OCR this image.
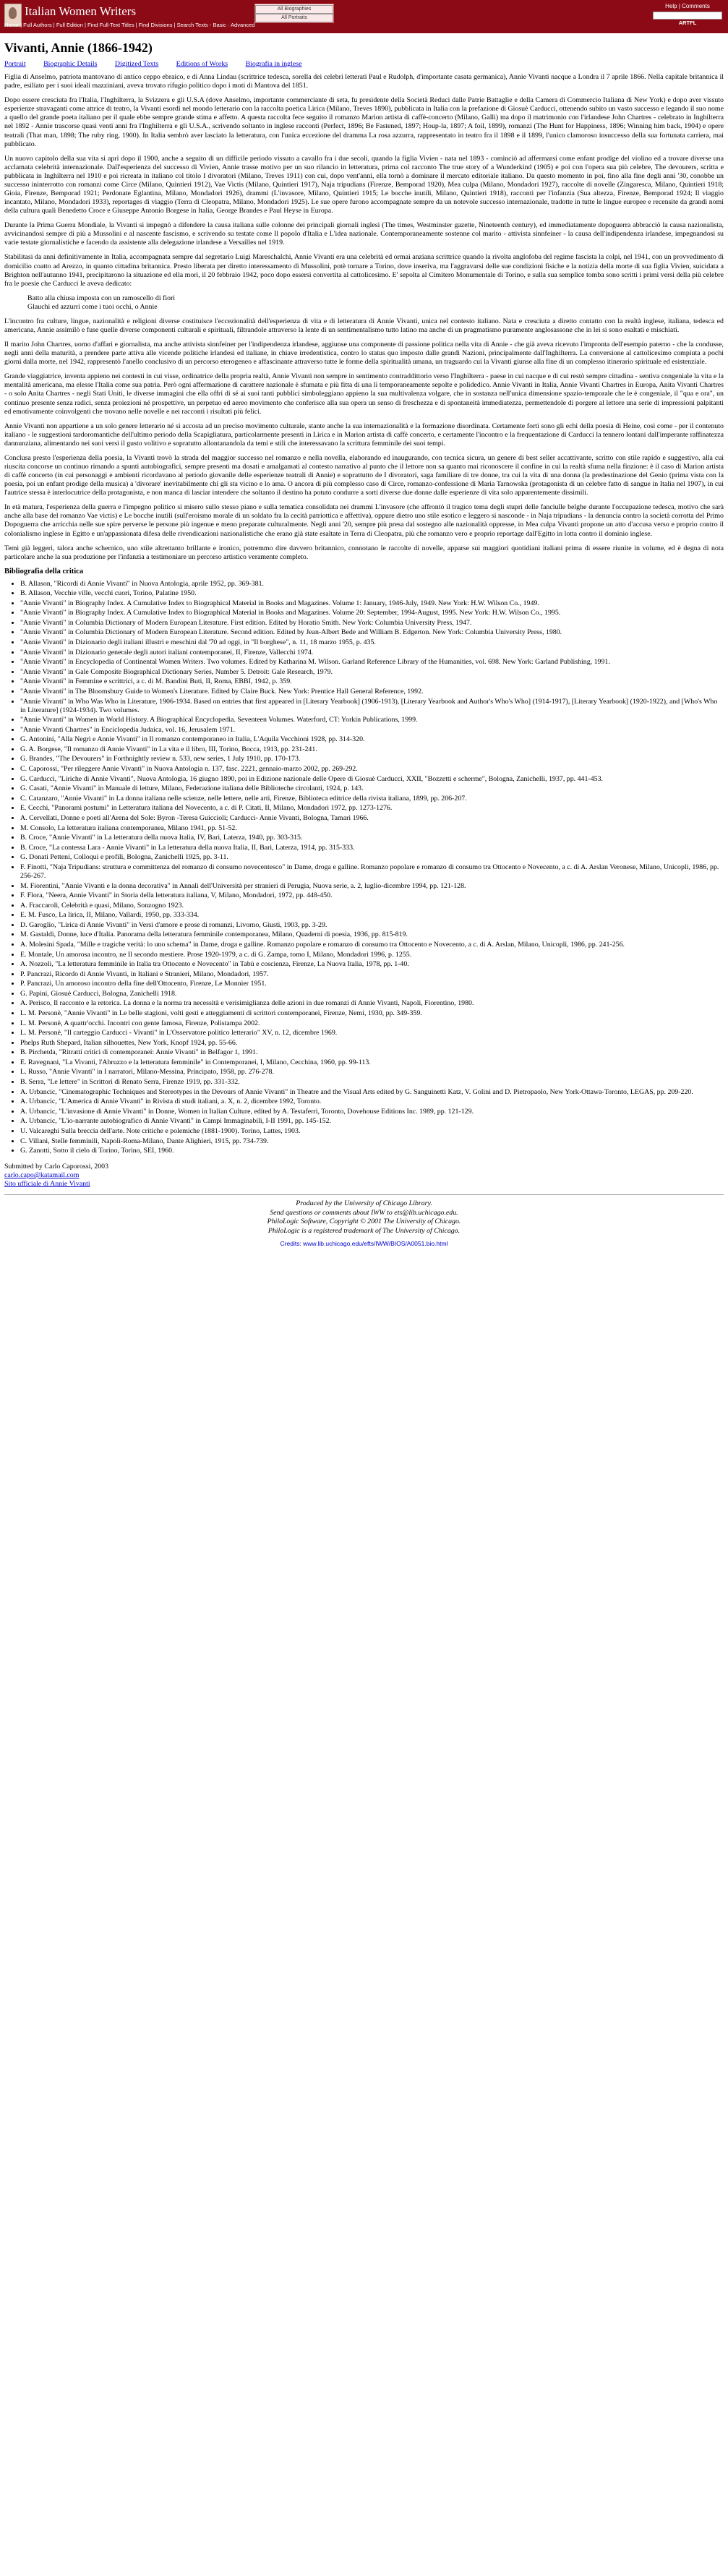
Italian Women Writers
Home | Full Authors | Full Edition | Find Full-Text Titles | Find Divisions | Search Texts - Basic · Advanced
All Biographies
All Portraits
Help | Comments
ARTFL
Vivanti, Annie (1866-1942)
Portrait Biographic Details Digitized Texts Editions of Works Biografia in inglese

Figlia di Anselmo, patriota mantovano di antico ceppo ebraico, e di Anna Lindau (scrittrice tedesca, sorella dei celebri letterati Paul e Rudolph, d'importante casata germanica), Annie Vivanti nacque a Londra il 7 aprile 1866. Nella capitale britannica il padre, esiliato per i suoi ideali mazziniani, aveva trovato rifugio politico dopo i moti di Mantova del 1851.

Dopo essere cresciuta fra l'Italia, l'Inghilterra, la Svizzera e gli U.S.A (dove Anselmo, importante commerciante di seta, fu presidente della Società Reduci dalle Patrie Battaglie e della Camera di Commercio Italiana di New York) e dopo aver vissuto esperienze stravaganti come attrice di teatro, la Vivanti esordì nel mondo letterario con la raccolta poetica Lirica (Milano, Treves 1890), pubblicata in Italia con la prefazione di Giosuè Carducci, ottenendo subito un vasto successo e legando il suo nome a quello del grande poeta italiano per il quale ebbe sempre grande stima e affetto. A questa raccolta fece seguito il romanzo Marion artista di caffè-concerto (Milano, Galli) ma dopo il matrimonio con l'irlandese John Chartres - celebrato in Inghilterra nel 1892 - Annie trascorse quasi venti anni fra l'Inghilterra e gli U.S.A., scrivendo soltanto in inglese racconti (Perfect, 1896; Be Fastened, 1897; Houp-la, 1897; A foil, 1899), romanzi (The Hunt for Happiness, 1896; Winning him back, 1904) e opere teatrali (That man, 1898; The ruby ring, 1900). In Italia sembrò aver lasciato la letteratura, con l'unica eccezione del dramma La rosa azzurra, rappresentato in teatro fra il 1898 e il 1899, l'unico clamoroso insuccesso della sua fortunata carriera, mai pubblicato.

Un nuovo capitolo della sua vita si aprì dopo il 1900, anche a seguito di un difficile periodo vissuto a cavallo fra i due secoli, quando la figlia Vivien - nata nel 1893 - cominciò ad affermarsi come enfant prodige del violino ed a trovare diverse una acclamata celebrità internazionale. Dall'esperienza del successo di Vivien, Annie trasse motivo per un suo rilancio in letteratura, prima col racconto The true story of a Wunderkind (1905) e poi con l'opera sua più celebre, The devourers, scritta e pubblicata in Inghilterra nel 1910 e poi ricreata in italiano col titolo I divoratori (Milano, Treves 1911) con cui, dopo vent'anni, ella tornò a dominare il mercato editoriale italiano. Da questo momento in poi, fino alla fine degli anni '30, conobbe un successo ininterrotto con romanzi come Circe (Milano, Quintieri 1912), Vae Victis (Milano, Quintieri 1917), Naja tripudians (Firenze, Bemporad 1920), Mea culpa (Milano, Mondadori 1927), raccolte di novelle (Zingaresca, Milano, Quintieri 1918; Gioia, Firenze, Bemporad 1921; Perdonate Eglantina, Milano, Mondadori 1926), drammi (L'invasore, Milano, Quintieri 1915; Le bocche inutili, Milano, Quintieri 1918), racconti per l'infanzia (Sua altezza, Firenze, Bemporad 1924; Il viaggio incantato, Milano, Mondadori 1933), reportages di viaggio (Terra di Cleopatra, Milano, Mondadori 1925). Le sue opere furono accompagnate sempre da un notevole successo internazionale, tradotte in tutte le lingue europee e recensite da grandi nomi della cultura quali Benedetto Croce e Giuseppe Antonio Borgese in Italia, George Brandes e Paul Heyse in Europa.

Durante la Prima Guerra Mondiale, la Vivanti si impegnò a difendere la causa italiana sulle colonne dei principali giornali inglesi (The times, Westminster gazette, Nineteenth century), ed immediatamente dopoguerra abbracciò la causa nazionalista, avvicinandosi sempre di più a Mussolini e al nascente fascismo, e scrivendo su testate come Il popolo d'Italia e L'idea nazionale. Contemporaneamente sostenne col marito - attivista sinnfeiner - la causa dell'indipendenza irlandese, impegnandosi su varie testate giornalistiche e facendo da assistente alla delegazione irlandese a Versailles nel 1919.

Stabilitasi da anni definitivamente in Italia, accompagnata sempre dal segretario Luigi Mareschalchi, Annie Vivanti era una celebrità ed ormai anziana scrittrice quando la rivolta anglofoba del regime fascista la colpì, nel 1941, con un provvedimento di domicilio coatto ad Arezzo, in quanto cittadina britannica. Presto liberata per diretto interessamento di Mussolini, potè tornare a Torino, dove inseriva, ma l'aggravarsi delle sue condizioni fisiche e la notizia della morte di sua figlia Vivien, suicidata a Brighton nell'autunno 1941, precipitarono la situazione ed ella morì, il 20 febbraio 1942, poco dopo essersi convertita al cattolicesimo. E' sepolta al Cimitero Monumentale di Torino, e sulla sua semplice tomba sono scritti i primi versi della più celebre fra le poesie che Carducci le aveva dedicato:

Batto alla chiusa imposta con un ramoscello di fiori
Glauchi ed azzurri come i tuoi occhi, o Annie

L'incontro fra culture, lingue, nazionalità e religioni diverse costituisce l'eccezionalità dell'esperienza di vita e di letteratura di Annie Vivanti, unica nel contesto italiano. Nata e cresciuta a diretto contatto con la realtà inglese, italiana, tedesca ed americana, Annie assimilò e fuse quelle diverse componenti culturali e spirituali, filtrandole attraverso la lente di un sentimentalismo tutto latino ma anche di un pragmatismo puramente anglosassone che in lei si sono esaltati e mischiati.

Il marito John Chartres, uomo d'affari e giornalista, ma anche attivista sinnfeiner per l'indipendenza irlandese, aggiunse una componente di passione politica nella vita di Annie - che già aveva ricevuto l'impronta dell'esempio paterno - che la condusse, negli anni della maturità, a prendere parte attiva alle vicende politiche irlandesi ed italiane, in chiave irredentistica, contro lo status quo imposto dalle grandi Nazioni, principalmente dall'Inghilterra. La conversione al cattolicesimo compiuta a pochi giorni dalla morte, nel 1942, rappresentò l'anello conclusivo di un percorso eterogeneo e affascinante attraverso tutte le forme della spiritualità umana, un traguardo cui la Vivanti giunse alla fine di un complesso itinerario spirituale ed esistenziale.

Grande viaggiatrice, inventa appieno nei contesti in cui visse, ordinatrice della propria realtà, Annie Vivanti non sempre in sentimento contraddittorio verso l'Inghilterra - paese in cui nacque e di cui restò sempre cittadina - sentiva congeniale la vita e la mentalità americana, ma elesse l'Italia come sua patria. Però ogni affermazione di carattere nazionale è sfumata e più fitta di una lì temporaneamente sepolte e polidedico. Annie Vivanti in Italia, Annie Vivanti Chartres in Europa, Anita Vivanti Chartres - o solo Anita Chartres - negli Stati Uniti, le diverse immagini che ella offrì di sé ai suoi tanti pubblici simboleggiano appieno la sua multivalenza volgare, che in sostanza nell'unica dimensione spazio-temporale che le è congeniale, il "qua e ora", un continuo presente senza radici, senza proiezioni né prospettive, un perpetuo ed aereo movimento che conferisce alla sua opera un senso di freschezza e di spontaneità immediatezza, permettendole di porgere al lettore una serie di impressioni palpitanti ed emotivamente coinvolgenti che trovano nelle novelle e nei racconti i risultati più felici.

Annie Vivanti non appartiene a un solo genere letterario né si accosta ad un preciso movimento culturale, stante anche la sua internazionalità e la formazione disordinata. Certamente forti sono gli echi della poesia di Heine, così come - per il contenuto italiano - le suggestioni tardoromantiche dell'ultimo periodo della Scapigliatura, particolarmente presenti in Lirica e in Marion artista di caffè concerto, e certamente l'incontro e la frequentazione di Carducci la tennero lontani dall'imperante raffinatezza dannunziana, alimentando nei suoi versi il gusto volitivo e sopratutto allontanandola da temi e stili che interessavano la scrittura femminile dei suoi tempi.

Conclusa presto l'esperienza della poesia, la Vivanti trovò la strada del maggior successo nel romanzo e nella novella, elaborando ed inaugurando, con tecnica sicura, un genere di best seller accattivante, scritto con stile rapido e suggestivo, alla cui riuscita concorse un continuo rimando a spunti autobiografici, sempre presenti ma dosati e amalgamati al contesto narrativo al punto che il lettore non sa quanto mai riconoscere il confine in cui la realtà sfuma nella finzione: è il caso di Marion artista di caffè concerto (in cui personaggi e ambienti ricordavano al periodo giovanile delle esperienze teatrali di Annie) e soprattutto de I divoratori, saga familiare di tre donne, tra cui la vita di una donna (la predestinazione del Genio (prima vista con la poesia, poi un enfant prodige della musica) a 'divorare' inevitabilmente chi gli sta vicino e lo ama. O ancora di più complesso caso di Circe, romanzo-confessione di Maria Tarnowska (protagonista di un celebre fatto di sangue in Italia nel 1907), in cui l'autrice stessa è interlocutrice della protagonista, e non manca di lasciar intendere che soltanto il destino ha potuto condurre a sorti diverse due donne dalle esperienze di vita solo apparentemente dissimili.

In età matura, l'esperienza della guerra e l'impegno politico si misero sullo stesso piano e sulla tematica consolidata nei drammi L'invasore (che affrontò il tragico tema degli stupri delle fanciulle belghe durante l'occupazione tedesca, motivo che sarà anche alla base del romanzo Vae victis) e Le bocche inutili (sull'eroismo morale di un soldato fra la cecità patriottica e affettiva), oppure dietro uno stile esotico e leggero si nasconde - in Naja tripudians - la denuncia contro la società corrotta del Primo Dopoguerra che arricchia nelle sue spire perverse le persone più ingenue e meno preparate culturalmente. Negli anni '20, sempre più presa dal sostegno alle nazionalità oppresse, in Mea culpa Vivanti propone un atto d'accusa verso e proprio contro il colonialismo inglese in Egitto e un'appassionata difesa delle rivendicazioni nazionalistiche che erano già state esaltate in Terra di Cleopatra, più che romanzo vero e proprio reportage dall'Egitto in lotta contro il dominio inglese.

Temi già leggeri, talora anche schernico, uno stile altrettanto brillante e ironico, potremmo dire davvero britannico, connotano le raccolte di novelle, apparse sui maggiori quotidiani italiani prima di essere riunite in volume, ed è degna di nota particolare anche la sua produzione per l'infanzia a testimoniare un percorso artistico veramente completo.

Bibliografia della critica
• B. Allason, "Ricordi di Annie Vivanti" in Nuova Antologia, aprile 1952, pp. 369-381.
• B. Allason, Vecchie ville, vecchi cuori, Torino, Palatine 1950.
• "Annie Vivanti" in Biography Index. A Cumulative Index to Biographical Material in Books and Magazines. Volume 1: January, 1946-July, 1949. New York: H.W. Wilson Co., 1949.
• "Annie Vivanti" in Biography Index. A Cumulative Index to Biographical Material in Books and Magazines. Volume 20: September, 1994-August, 1995. New York: H.W. Wilson Co., 1995.
• "Annie Vivanti" in Columbia Dictionary of Modern European Literature. First edition. Edited by Horatio Smith. New York: Columbia University Press, 1947.
• "Annie Vivanti" in Columbia Dictionary of Modern European Literature. Second edition. Edited by Jean-Albert Bede and William B. Edgerton. New York: Columbia University Press, 1980.
• "Annie Vivanti" in Dizionario degli italiani illustri e meschini dal '70 ad oggi, in "Il borghese", n. 11, 18 marzo 1955, p. 435.
• "Annie Vivanti" in Dizionario generale degli autori italiani contemporanei, II, Firenze, Vallecchi 1974.
• "Annie Vivanti" in Encyclopedia of Continental Women Writers. Two volumes. Edited by Katharina M. Wilson. Garland Reference Library of the Humanities, vol. 698. New York: Garland Publishing, 1991.
• "Annie Vivanti" in Gale Composite Biographical Dictionary Series, Number 5. Detroit: Gale Research, 1979.
• "Annie Vivanti" in Femmine e scrittrici, a c. di M. Bandini Buti, II, Roma, EBBI, 1942, p. 359.
• "Annie Vivanti" in The Bloomsbury Guide to Women's Literature. Edited by Claire Buck. New York: Prentice Hall General Reference, 1992.
• "Annie Vivanti" in Who Was Who in Literature, 1906-1934. Based on entries that first appeared in [Literary Yearbook] (1906-1913), [Literary Yearbook and Author's Who's Who] (1914-1917), [Literary Yearbook] (1920-1922), and [Who's Who in Literature] (1924-1934). Two volumes.
• "Annie Vivanti" in Women in World History. A Biographical Encyclopedia. Seventeen Volumes. Waterford, CT: Yorkin Publications, 1999.
• "Annie Vivanti Chartres" in Enciclopedia Judaica, vol. 16, Jerusalem 1971.
• G. Antonini, "Alla Negri e Annie Vivanti" in Il romanzo contemporaneo in Italia, L'Aquila Vecchioni 1928, pp. 314-320.
• G. A. Borgese, "Il romanzo di Annie Vivanti" in La vita e il libro, III, Torino, Bocca, 1913, pp. 231-241.
• G. Brandes, "The Devourers" in Forthnightly review n. 533, new series, 1 July 1910, pp. 170-173.
• C. Caporossi, "Per rileggere Annie Vivanti" in Nuova Antologia n. 137, fasc. 2221, gennaio-marzo 2002, pp. 269-292.
• G. Carducci, "Liriche di Annie Vivanti", Nuova Antologia, 16 giugno 1890, poi in Edizione nazionale delle Opere di Giosuè Carducci, XXII, "Bozzetti e scherme", Bologna, Zanichelli, 1937, pp. 441-453.
• G. Casati, "Annie Vivanti" in Manuale di letture, Milano, Federazione italiana delle Biblioteche circolanti, 1924, p. 143.
• C. Catanzaro, "Annie Vivanti" in La donna italiana nelle scienze, nelle lettere, nelle arti, Firenze, Biblioteca editrice della rivista italiana, 1899, pp. 206-207.
• E. Cecchi, "Panorami postumi" in Letteratura italiana del Novecento, a c. di P. Citati, II, Milano, Mondadori 1972, pp. 1273-1276.
• A. Cervellati, Donne e poeti all'Arena del Sole: Byron -Teresa Guiccioli; Carducci- Annie Vivanti, Bologna, Tamari 1966.
• M. Consolo, La letteratura italiana contemporanea, Milano 1941, pp. 51-52.
• B. Croce, "Annie Vivanti" in La letteratura della nuova Italia, IV, Bari, Laterza, 1940, pp. 303-315.
• B. Croce, "La contessa Lara - Annie Vivanti" in La letteratura della nuova Italia, II, Bari, Laterza, 1914, pp. 315-333.
• G. Donati Petteni, Colloqui e profili, Bologna, Zanichelli 1925, pp. 3-11.
• F. Finotti, "Naja Tripudians: struttura e committenza del romanzo di consumo novecentesco" in Dame, droga e galline. Romanzo popolare e romanzo di consumo tra Ottocento e Novecento, a c. di A. Arslan Veronese, Milano, Unicopli, 1986, pp. 256-267.
• M. Fiorentini, "Annie Vivanti e la donna decorativa" in Annali dell'Università per stranieri di Perugia, Nuova serie, a. 2, luglio-dicembre 1994, pp. 121-128.
• F. Flora, "Neera, Annie Vivanti" in Storia della letteratura italiana, V, Milano, Mondadori, 1972, pp. 448-450.
• A. Fraccaroli, Celebrità e quasi, Milano, Sonzogno 1923.
• E. M. Fusco, La lirica, II, Milano, Vallardi, 1950, pp. 333-334.
• D. Garoglio, "Lirica di Annie Vivanti" in Versi d'amore e prose di romanzi, Livorno, Giusti, 1903, pp. 3-29.
• M. Gastaldi, Donne, luce d'Italia. Panorama della letteratura femminile contemporanea, Milano, Quaderni di poesia, 1936, pp. 815-819.
• A. Molesini Spada, "Mille e tragiche verità: lo uno schema" in Dame, droga e galline. Romanzo popolare e romanzo di consumo tra Ottocento e Novecento, a c. di A. Arslan, Milano, Unicopli, 1986, pp. 241-256.
• E. Montale, Un amorosa incontro, ne Il secondo mestiere. Prose 1920-1979, a c. di G. Zampa, tomo I, Milano, Mondadori 1996, p. 1255.
• A. Nozzoli, "La letteratura femminile in Italia tra Ottocento e Novecento" in Tabù e coscienza, Firenze, La Nuova Italia, 1978, pp. 1-40.
• P. Pancrazi, Ricordo di Annie Vivanti, in Italiani e Stranieri, Milano, Mondadori, 1957.
• P. Pancrazi, Un amoroso incontro della fine dell'Ottocento, Firenze, Le Monnier 1951.
• G. Papini, Giosuè Carducci, Bologna, Zanichelli 1918.
• A. Perisco, Il racconto e la retorica. La donna e la norma tra necessità e verisimiglianza delle azioni in due romanzi di Annie Vivanti, Napoli, Fiorentino, 1980.
• L. M. Personè, "Annie Vivanti" in Le belle stagioni, volti gesti e atteggiamenti di scrittori contemporanei, Firenze, Nemi, 1930, pp. 349-359.
• L. M. Personè, A quattr'occhi. Incontri con gente famosa, Firenze, Polistampa 2002.
• L. M. Personè, "Il carteggio Carducci - Vivanti" in L'Osservatore politico letterario" XV, n. 12, dicembre 1969.
• Phelps Ruth Shepard, Italian silhouettes, New York, Knopf 1924, pp. 55-66.
• B. Pirchetda, "Ritratti critici di contemporanei: Annie Vivanti" in Belfagor 1, 1991.
• E. Ravegnani, "La Vivanti, l'Abruzzo e la letteratura femminile" in Contemporanei, I, Milano, Cecchina, 1960, pp. 99-113.
• L. Russo, "Annie Vivanti" in I narratori, Milano-Messina, Principato, 1958, pp. 276-278.
• B. Serra, "Le lettere" in Scrittori di Renato Serra, Firenze 1919, pp. 331-332.
• A. Urbancic, "Cinematographic Techniques and Stereotypes in the Devours of Annie Vivanti" in Theatre and the Visual Arts edited by G. Sanguinetti Katz, V. Golini and D. Pietropaolo, New York-Ottawa-Toronto, LEGAS, pp. 209-220.
• A. Urbancic, "L'America di Annie Vivanti" in Rivista di studi italiani, a. X, n. 2, dicembre 1992, Toronto.
• A. Urbancic, "L'invasione di Annie Vivanti" in Donne, Women in Italian Culture, edited by A. Testaferri, Toronto, Dovehouse Editions Inc. 1989, pp. 121-129.
• A. Urbancic, "L'io-narrante autobiografico di Annie Vivanti" in Campi Immaginabili, I-II 1991, pp. 145-152.
• U. Valcareghi Sulla breccia dell'arte. Note critiche e polemiche (1881-1900). Torino, Lattes, 1903.
• C. Villani, Stelle femminili, Napoli-Roma-Milano, Dante Alighieri, 1915, pp. 734-739.
• G. Zanotti, Sotto il cielo di Torino, Torino, SEI, 1960.
Submitted by Carlo Caporossi, 2003
carlo.capo@katamail.com
Sito ufficiale di Annie Vivanti
Produced by the University of Chicago Library.
Send questions or comments about IWW to ets@lib.uchicago.edu.
PhiloLogic Software, Copyright © 2001 The University of Chicago.
PhiloLogic is a registered trademark of The University of Chicago.
Credits: www.lib.uchicago.edu/efts/IWW/BIOS/A0051.bio.html
